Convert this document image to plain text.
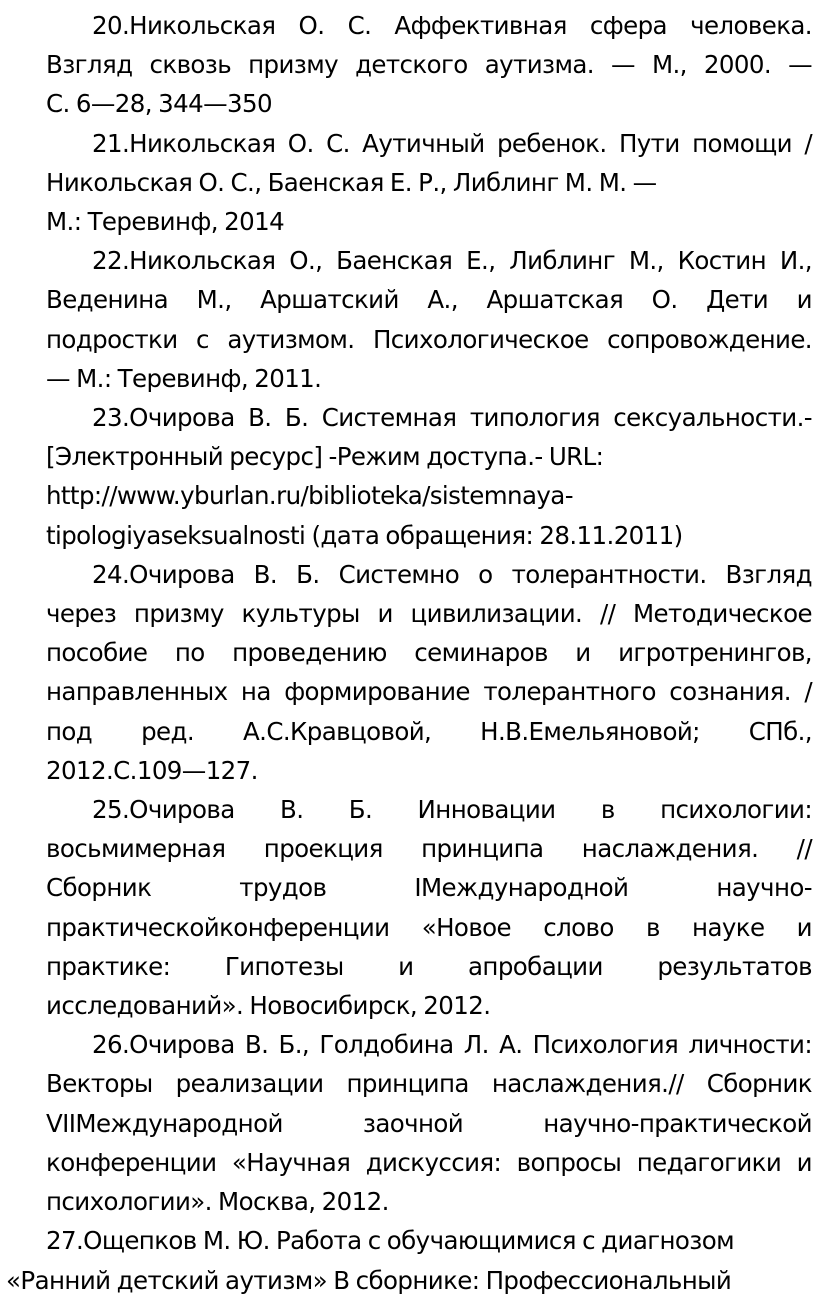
20.Никольская О. С. Аффективная сфера человека.
Взгляд сквозь призму детского аутизма. — М., 2000. —
С. 6—28, 344—350

21.Никольская О. С. Аутичный ребенок. Пути помощи /
Никольская О. С., Баенская Е. Р., Либлинг М. М. —
М.: Теревинф, 2014

22.Никольская О., Баенская Е., Либлинг М., Костин И.,
Веденина М., Аршатский А., Аршатская О. Дети и
подростки с аутизмом. Психологическое сопровождение.
— М.: Теревинф, 2011.

23.Очирова В. Б. Системная типология сексуальности.-
[Электронный ресурс] -Режим доступа.- URL:
http://www.yburlan.ru/biblioteka/sistemnaya-
tipologiyaseksualnosti (дата обращения: 28.11.2011)

24.Очирова В. Б. Системно о толерантности. Взгляд
через призму культуры и цивилизации. // Методическое
пособие по проведению семинаров и игротренингов,
направленных на формирование толерантного сознания. /
под ред. А.С.Кравцовой, Н.В.Емельяновой; СПб.,
2012.С.109—127.

25.Очирова В. Б. Инновации в психологии:
восьмимерная проекция принципа наслаждения. //
Сборник трудов IМеждународной научно-
практическойконференции «Новое слово в науке и
практике: Гипотезы и апробации результатов
исследований». Новосибирск, 2012.

26.Очирова В. Б., Голдобина Л. А. Психология личности:
Векторы реализации принципа наслаждения.// Сборник
VIIМеждународной заочной научно-практической
конференции «Научная дискуссия: вопросы педагогики и
психологии». Москва, 2012.

27.Ощепков М. Ю. Работа с обучающимися с диагнозом
«Ранний детский аутизм» В сборнике: Профессиональный
